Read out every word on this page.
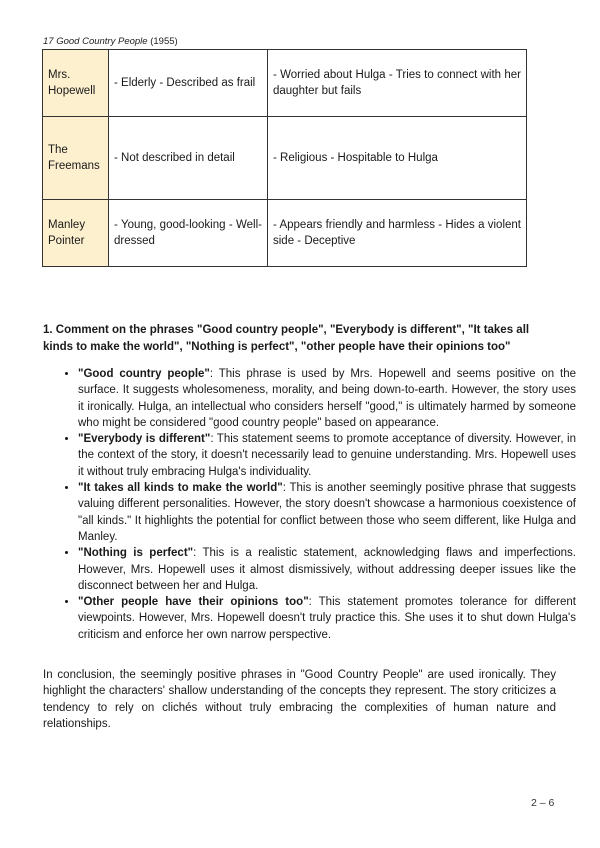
17 Good Country People (1955)
Mrs. Hopewell	- Elderly - Described as frail	- Worried about Hulga - Tries to connect with her daughter but fails
The Freemans	- Not described in detail	- Religious - Hospitable to Hulga
Manley Pointer	- Young, good-looking - Well-dressed	- Appears friendly and harmless - Hides a violent side - Deceptive
1. Comment on the phrases "Good country people", "Everybody is different", "It takes all kinds to make the world", "Nothing is perfect", "other people have their opinions too"
• "Good country people": This phrase is used by Mrs. Hopewell and seems positive on the surface. It suggests wholesomeness, morality, and being down-to-earth. However, the story uses it ironically. Hulga, an intellectual who considers herself "good," is ultimately harmed by someone who might be considered "good country people" based on appearance.
• "Everybody is different": This statement seems to promote acceptance of diversity. However, in the context of the story, it doesn't necessarily lead to genuine understanding. Mrs. Hopewell uses it without truly embracing Hulga's individuality.
• "It takes all kinds to make the world": This is another seemingly positive phrase that suggests valuing different personalities. However, the story doesn't showcase a harmonious coexistence of "all kinds." It highlights the potential for conflict between those who seem different, like Hulga and Manley.
• "Nothing is perfect": This is a realistic statement, acknowledging flaws and imperfections. However, Mrs. Hopewell uses it almost dismissively, without addressing deeper issues like the disconnect between her and Hulga.
• "Other people have their opinions too": This statement promotes tolerance for different viewpoints. However, Mrs. Hopewell doesn't truly practice this. She uses it to shut down Hulga's criticism and enforce her own narrow perspective.

In conclusion, the seemingly positive phrases in "Good Country People" are used ironically. They highlight the characters' shallow understanding of the concepts they represent. The story criticizes a tendency to rely on clichés without truly embracing the complexities of human nature and relationships.

2 – 6
